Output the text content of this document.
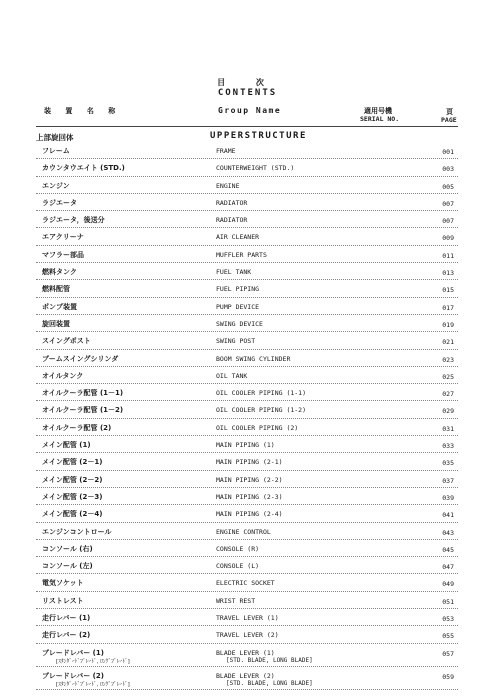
目 次
CONTENTS
装 置 名 称	Group Name	適用号機
SERIAL NO.
頁
PAGE
上部旋回体	UPPERSTRUCTURE
フレーム	FRAME	001
カウンタウエイト (STD.)	COUNTERWEIGHT (STD.)	003
エンジン	ENGINE	005
ラジエータ	RADIATOR	007
ラジエータ，後送分	RADIATOR	007
エアクリーナ	AIR CLEANER	009
マフラー部品	MUFFLER PARTS	011
燃料タンク	FUEL TANK	013
燃料配管	FUEL PIPING	015
ポンプ装置	PUMP DEVICE	017
旋回装置	SWING DEVICE	019
スイングポスト	SWING POST	021
ブームスイングシリンダ	BOOM SWING CYLINDER	023
オイルタンク	OIL TANK	025
オイルクーラ配管 (1－1)	OIL COOLER PIPING (1-1)	027
オイルクーラ配管 (1－2)	OIL COOLER PIPING (1-2)	029
オイルクーラ配管 (2)	OIL COOLER PIPING (2)	031
メイン配管 (1)	MAIN PIPING (1)	033
メイン配管 (2－1)	MAIN PIPING (2-1)	035
メイン配管 (2－2)	MAIN PIPING (2-2)	037
メイン配管 (2－3)	MAIN PIPING (2-3)	039
メイン配管 (2－4)	MAIN PIPING (2-4)	041
エンジンコントロール	ENGINE CONTROL	043
コンソール (右)	CONSOLE (R)	045
コンソール (左)	CONSOLE (L)	047
電気ソケット	ELECTRIC SOCKET	049
リストレスト	WRIST REST	051
走行レバー (1)	TRAVEL LEVER (1)	053
走行レバー (2)	TRAVEL LEVER (2)	055
ブレードレバー (1)	BLADE LEVER (1)	057
[ｽﾀﾝﾀﾞｰﾄﾞﾌﾞﾚｰﾄﾞ, ﾛﾝｸﾞﾌﾞﾚｰﾄﾞ]	[STD. BLADE, LONG BLADE]
ブレードレバー (2)	BLADE LEVER (2)	059
[ｽﾀﾝﾀﾞｰﾄﾞﾌﾞﾚｰﾄﾞ, ﾛﾝｸﾞﾌﾞﾚｰﾄﾞ]	[STD. BLADE, LONG BLADE]
